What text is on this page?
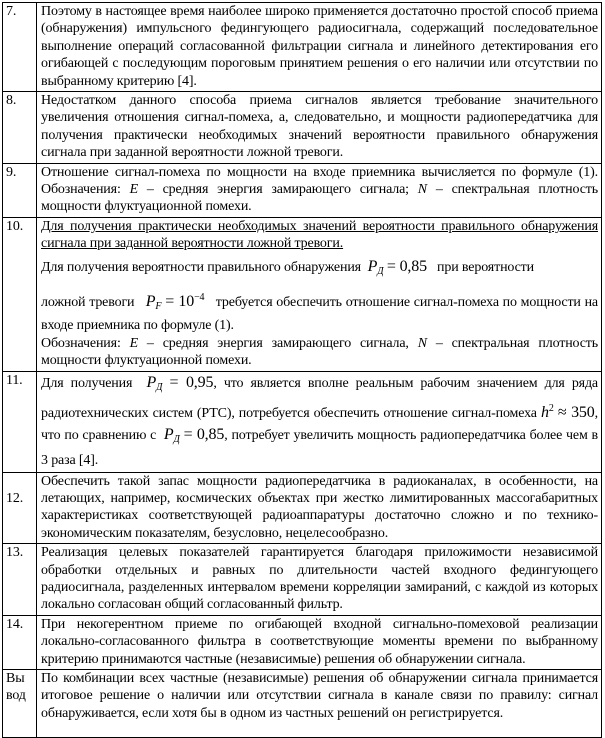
7.	Поэтому в настоящее время наиболее широко применяется достаточно простой способ приема (обнаружения) импульсного федингующего радиосигнала, содержащий последовательное выполнение операций согласованной фильтрации сигнала и линейного детектирования его огибающей с последующим пороговым принятием решения о его наличии или отсутствии по выбранному критерию [4].

8.	Недостатком данного способа приема сигналов является требование значительного увеличения отношения сигнал-помеха, а, следовательно, и мощности радиопередатчика для получения практически необходимых значений вероятности правильного обнаружения сигнала при заданной вероятности ложной тревоги.

9.	Отношение сигнал-помеха по мощности на входе приемника вычисляется по формуле (1). Обозначения: E – средняя энергия замирающего сигнала; N – спектральная плотность мощности флуктуационной помехи.

10.	Для получения практически необходимых значений вероятности правильного обнаружения сигнала при заданной вероятности ложной тревоги.

Для получения вероятности правильного обнаружения $P_Д = 0,85$ при вероятности

ложной тревоги $P_F = 10^{-4}$ требуется обеспечить отношение сигнал-помеха по мощности на входе приемника по формуле (1).

Обозначения: E – средняя энергия замирающего сигнала, N – спектральная плотность мощности флуктуационной помехи.

11.	Для получения $P_Д = 0,95$, что является вполне реальным рабочим значением для ряда радиотехнических систем (РТС), потребуется обеспечить отношение сигнал-помеха $h^2 \approx 350$, что по сравнению с $P_Д = 0,85$, потребует увеличить мощность радиопередатчика более чем в 3 раза [4].

12.	Обеспечить такой запас мощности радиопередатчика в радиоканалах, в особенности, на летающих, например, космических объектах при жестко лимитированных массогабаритных характеристиках соответствующей радиоаппаратуры достаточно сложно и по технико-экономическим показателям, безусловно, нецелесообразно.

13.	Реализация целевых показателей гарантируется благодаря приложимости независимой обработки отдельных и равных по длительности частей входного федингующего радиосигнала, разделенных интервалом времени корреляции замираний, с каждой из которых локально согласован общий согласованный фильтр.

14.	При некогерентном приеме по огибающей входной сигнально-помеховой реализации локально-согласованного фильтра в соответствующие моменты времени по выбранному критерию принимаются частные (независимые) решения об обнаружении сигнала.

Вывод	По комбинации всех частные (независимые) решения об обнаружении сигнала принимается итоговое решение о наличии или отсутствии сигнала в канале связи по правилу: сигнал обнаруживается, если хотя бы в одном из частных решений он регистрируется.
